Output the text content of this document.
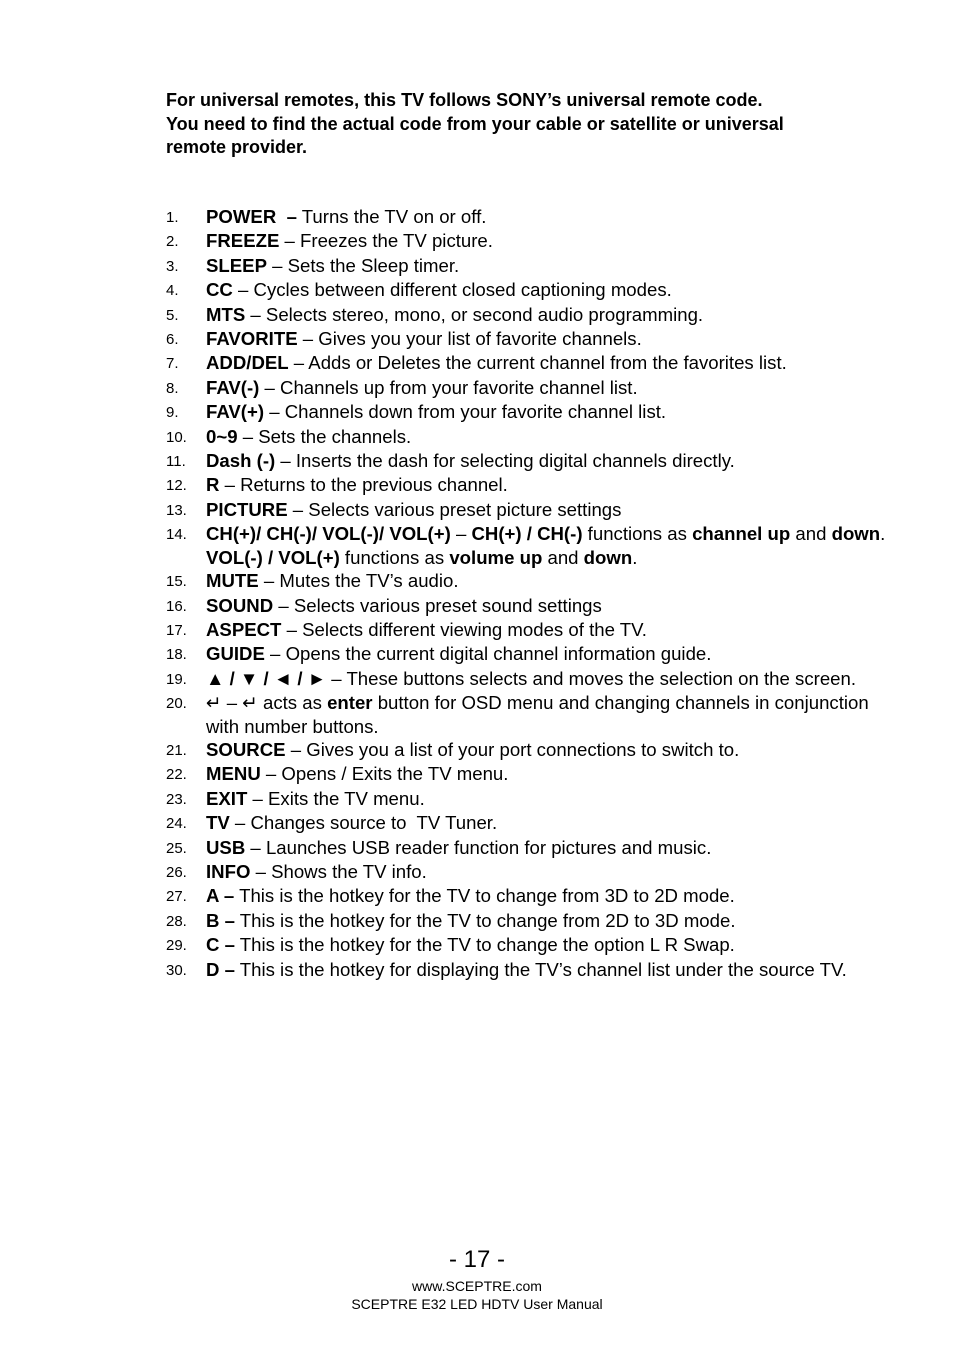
For universal remotes, this TV follows SONY’s universal remote code.
You need to find the actual code from your cable or satellite or universal
remote provider.
1.	POWER  – Turns the TV on or off.
2.	FREEZE – Freezes the TV picture.
3.	SLEEP – Sets the Sleep timer.
4.	CC – Cycles between different closed captioning modes.
5.	MTS – Selects stereo, mono, or second audio programming.
6.	FAVORITE – Gives you your list of favorite channels.
7.	ADD/DEL – Adds or Deletes the current channel from the favorites list.
8.	FAV(-) – Channels up from your favorite channel list.
9.	FAV(+) – Channels down from your favorite channel list.
10.	0~9 – Sets the channels.
11.	Dash (-) – Inserts the dash for selecting digital channels directly.
12.	R – Returns to the previous channel.
13.	PICTURE – Selects various preset picture settings
14.	CH(+)/ CH(-)/ VOL(-)/ VOL(+) – CH(+) / CH(-) functions as channel up and down. VOL(-) / VOL(+) functions as volume up and down.
15.	MUTE – Mutes the TV’s audio.
16.	SOUND – Selects various preset sound settings
17.	ASPECT – Selects different viewing modes of the TV.
18.	GUIDE – Opens the current digital channel information guide.
19.	▲ / ▼ / ◄ / ► – These buttons selects and moves the selection on the screen.
20.	↵ – ↵ acts as enter button for OSD menu and changing channels in conjunction with number buttons.
21.	SOURCE – Gives you a list of your port connections to switch to.
22.	MENU – Opens / Exits the TV menu.
23.	EXIT – Exits the TV menu.
24.	TV – Changes source to  TV Tuner.
25.	USB – Launches USB reader function for pictures and music.
26.	INFO – Shows the TV info.
27.	A – This is the hotkey for the TV to change from 3D to 2D mode.
28.	B – This is the hotkey for the TV to change from 2D to 3D mode.
29.	C – This is the hotkey for the TV to change the option L R Swap.
30.	D – This is the hotkey for displaying the TV’s channel list under the source TV.
- 17 -
www.SCEPTRE.com
SCEPTRE E32 LED HDTV User Manual
